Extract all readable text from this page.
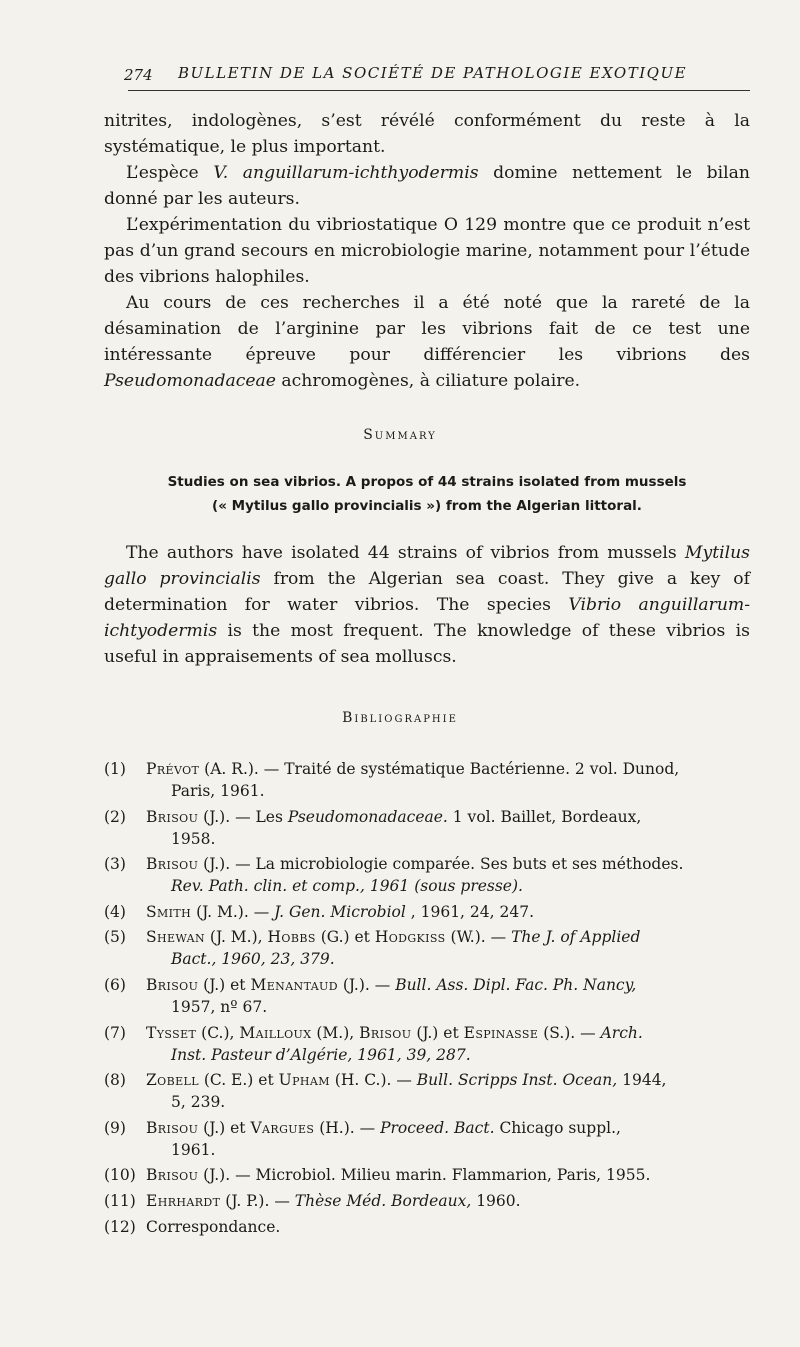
274 BULLETIN DE LA SOCIÉTÉ DE PATHOLOGIE EXOTIQUE

nitrites, indologènes, s’est révélé conformément du reste à la systématique, le plus important.

L’espèce V. anguillarum-ichthyodermis domine nettement le bilan donné par les auteurs.

L’expérimentation du vibriostatique O 129 montre que ce produit n’est pas d’un grand secours en microbiologie marine, notamment pour l’étude des vibrions halophiles.

Au cours de ces recherches il a été noté que la rareté de la désamination de l’arginine par les vibrions fait de ce test une intéressante épreuve pour différencier les vibrions des Pseudomonadaceae achromogènes, à ciliature polaire.

Summary
Studies on sea vibrios. A propos of 44 strains isolated from mussels
(« Mytilus gallo provincialis ») from the Algerian littoral.

The authors have isolated 44 strains of vibrios from mussels Mytilus gallo provincialis from the Algerian sea coast. They give a key of determination for water vibrios. The species Vibrio anguillarum-ichtyodermis is the most frequent. The knowledge of these vibrios is useful in appraisements of sea molluscs.

Bibliographie
(1) Prévot (A. R.). — Traité de systématique Bactérienne. 2 vol. Dunod,
Paris, 1961.
(2) Brisou (J.). — Les Pseudomonadaceae. 1 vol. Baillet, Bordeaux,
1958.
(3) Brisou (J.). — La microbiologie comparée. Ses buts et ses méthodes.
Rev. Path. clin. et comp., 1961 (sous presse).
(4) Smith (J. M.). — J. Gen. Microbiol , 1961, 24, 247.
(5) Shewan (J. M.), Hobbs (G.) et Hodgkiss (W.). — The J. of Applied
Bact., 1960, 23, 379.
(6) Brisou (J.) et Menantaud (J.). — Bull. Ass. Dipl. Fac. Ph. Nancy,
1957, nº 67.
(7) Tysset (C.), Mailloux (M.), Brisou (J.) et Espinasse (S.). — Arch.
Inst. Pasteur d’Algérie, 1961, 39, 287.
(8) Zobell (C. E.) et Upham (H. C.). — Bull. Scripps Inst. Ocean, 1944,
5, 239.
(9) Brisou (J.) et Vargues (H.). — Proceed. Bact. Chicago suppl.,
1961.
(10) Brisou (J.). — Microbiol. Milieu marin. Flammarion, Paris, 1955.
(11) Ehrhardt (J. P.). — Thèse Méd. Bordeaux, 1960.
(12) Correspondance.
